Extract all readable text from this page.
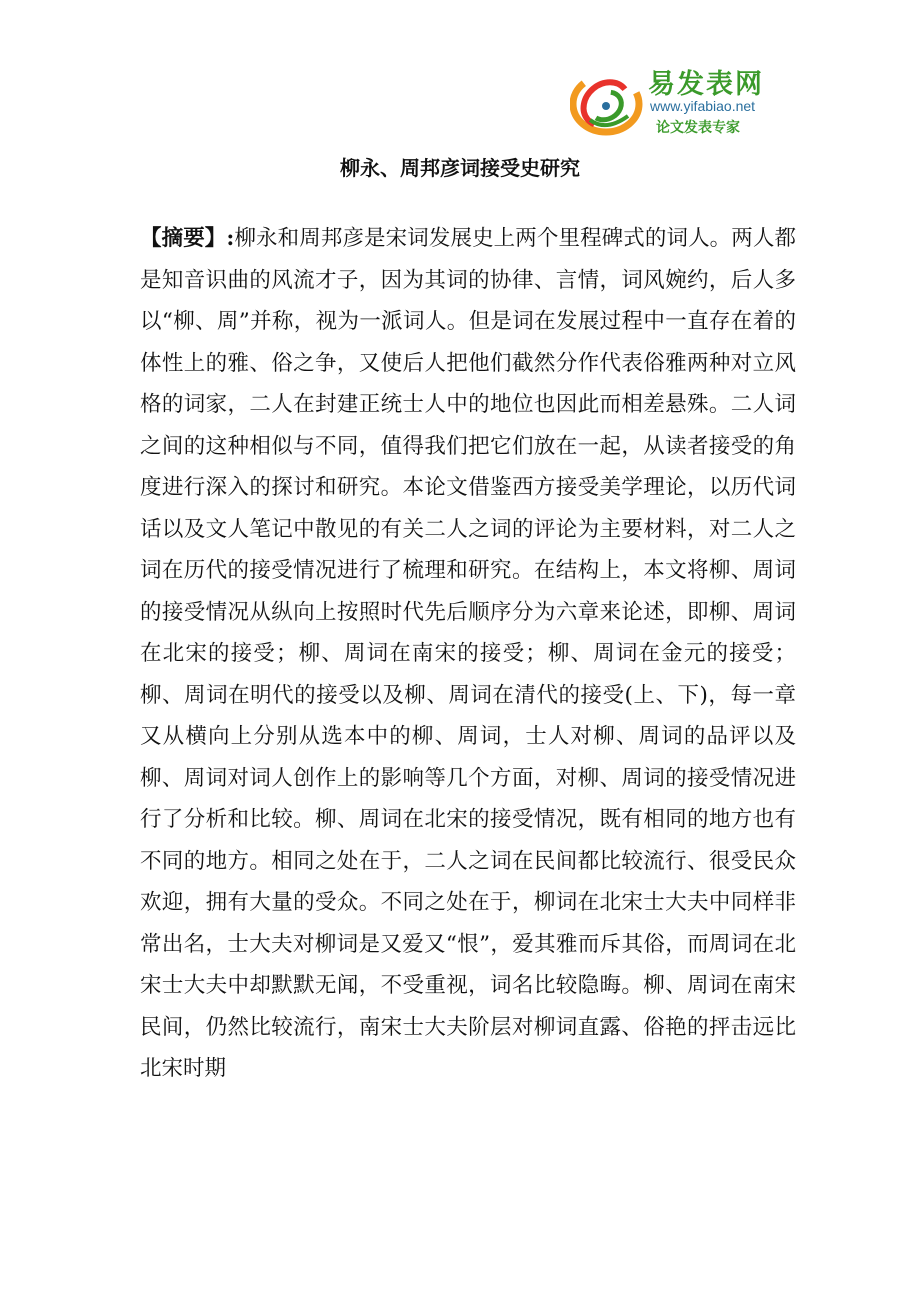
易发表网
www.yifabiao.net
论文发表专家
柳永、周邦彦词接受史研究

【摘要】:柳永和周邦彦是宋词发展史上两个里程碑式的词人。两人都是知音识曲的风流才子，因为其词的协律、言情，词风婉约，后人多以“柳、周”并称，视为一派词人。但是词在发展过程中一直存在着的体性上的雅、俗之争，又使后人把他们截然分作代表俗雅两种对立风格的词家，二人在封建正统士人中的地位也因此而相差悬殊。二人词之间的这种相似与不同，值得我们把它们放在一起，从读者接受的角度进行深入的探讨和研究。本论文借鉴西方接受美学理论，以历代词话以及文人笔记中散见的有关二人之词的评论为主要材料，对二人之词在历代的接受情况进行了梳理和研究。在结构上，本文将柳、周词的接受情况从纵向上按照时代先后顺序分为六章来论述，即柳、周词在北宋的接受；柳、周词在南宋的接受；柳、周词在金元的接受；柳、周词在明代的接受以及柳、周词在清代的接受(上、下)，每一章又从横向上分别从选本中的柳、周词，士人对柳、周词的品评以及柳、周词对词人创作上的影响等几个方面，对柳、周词的接受情况进行了分析和比较。柳、周词在北宋的接受情况，既有相同的地方也有不同的地方。相同之处在于，二人之词在民间都比较流行、很受民众欢迎，拥有大量的受众。不同之处在于，柳词在北宋士大夫中同样非常出名，士大夫对柳词是又爱又“恨”，爱其雅而斥其俗，而周词在北宋士大夫中却默默无闻，不受重视，词名比较隐晦。柳、周词在南宋民间，仍然比较流行，南宋士大夫阶层对柳词直露、俗艳的抨击远比北宋时期
